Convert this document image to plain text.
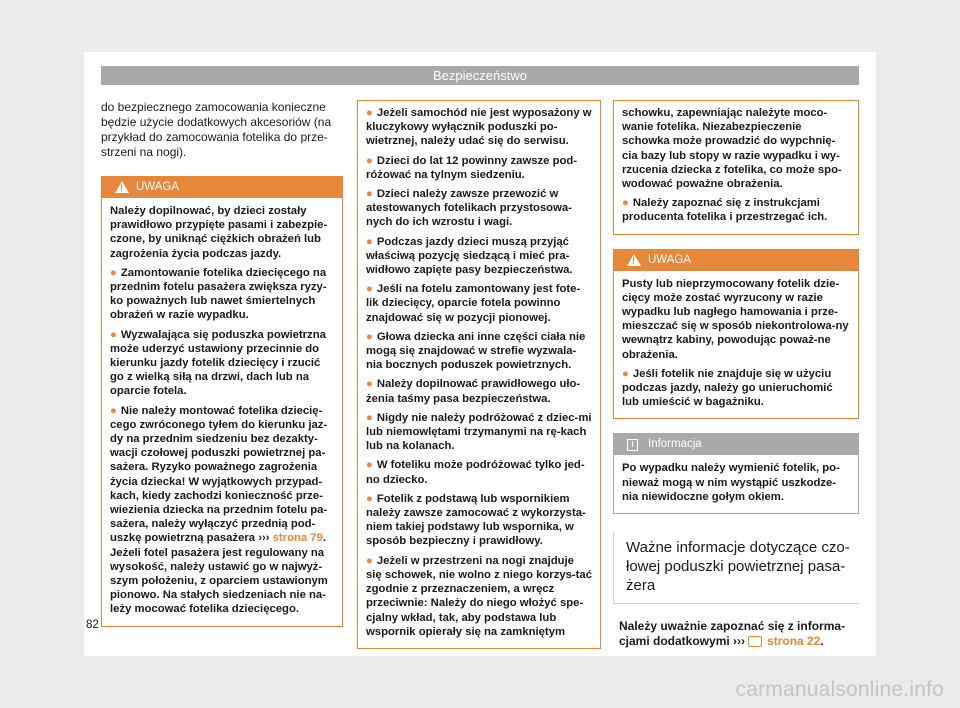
Bezpieczeństwo

do bezpiecznego zamocowania konieczne będzie użycie dodatkowych akcesoriów (na przykład do zamocowania fotelika do prze-strzeni na nogi).

!
UWAGA

Należy dopilnować, by dzieci zostały prawidłowo przypięte pasami i zabezpie-czone, by uniknąć ciężkich obrażeń lub zagrożenia życia podczas jazdy.

● Zamontowanie fotelika dziecięcego na przednim fotelu pasażera zwiększa ryzy-ko poważnych lub nawet śmiertelnych obrażeń w razie wypadku.

● Wyzwalająca się poduszka powietrzna może uderzyć ustawiony przecinnie do kierunku jazdy fotelik dziecięcy i rzucić go z wielką siłą na drzwi, dach lub na oparcie fotela.

● Nie należy montować fotelika dziecię-cego zwróconego tyłem do kierunku jaz-dy na przednim siedzeniu bez dezakty-wacji czołowej poduszki powietrznej pa-sażera. Ryzyko poważnego zagrożenia życia dziecka! W wyjątkowych przypad-kach, kiedy zachodzi konieczność prze-wiezienia dziecka na przednim fotelu pa-sażera, należy wyłączyć przednią pod-uszkę powietrzną pasażera ››› strona 79. Jeżeli fotel pasażera jest regulowany na wysokość, należy ustawić go w najwyż-szym położeniu, z oparciem ustawionym pionowo. Na stałych siedzeniach nie na-leży mocować fotelika dziecięcego.

● Jeżeli samochód nie jest wyposażony w kluczykowy wyłącznik poduszki po-wietrznej, należy udać się do serwisu.

● Dzieci do lat 12 powinny zawsze pod-różować na tylnym siedzeniu.

● Dzieci należy zawsze przewozić w atestowanych fotelikach przystosowa-nych do ich wzrostu i wagi.

● Podczas jazdy dzieci muszą przyjąć właściwą pozycję siedzącą i mieć pra-widłowo zapięte pasy bezpieczeństwa.

● Jeśli na fotelu zamontowany jest fote-lik dziecięcy, oparcie fotela powinno znajdować się w pozycji pionowej.

● Głowa dziecka ani inne części ciała nie mogą się znajdować w strefie wyzwala-nia bocznych poduszek powietrznych.

● Należy dopilnować prawidłowego uło-żenia taśmy pasa bezpieczeństwa.

● Nigdy nie należy podróżować z dziec-mi lub niemowlętami trzymanymi na rę-kach lub na kolanach.

● W foteliku może podróżować tylko jed-no dziecko.

● Fotelik z podstawą lub wspornikiem należy zawsze zamocować z wykorzysta-niem takiej podstawy lub wspornika, w sposób bezpieczny i prawidłowy.

● Jeżeli w przestrzeni na nogi znajduje się schowek, nie wolno z niego korzys-tać zgodnie z przeznaczeniem, a wręcz przeciwnie: Należy do niego włożyć spe-cjalny wkład, tak, aby podstawa lub wspornik opierały się na zamkniętym

schowku, zapewniając należyte moco-wanie fotelika. Niezabezpieczenie schowka może prowadzić do wypchnię-cia bazy lub stopy w razie wypadku i wy-rzucenia dziecka z fotelika, co może spo-wodować poważne obrażenia.

● Należy zapoznać się z instrukcjami producenta fotelika i przestrzegać ich.

!
UWAGA

Pusty lub nieprzymocowany fotelik dzie-cięcy może zostać wyrzucony w razie wypadku lub nagłego hamowania i prze-mieszczać się w sposób niekontrolowa-ny wewnątrz kabiny, powodując poważ-ne obrażenia.

● Jeśli fotelik nie znajduje się w użyciu podczas jazdy, należy go unieruchomić lub umieścić w bagażniku.

i	Informacja

Po wypadku należy wymienić fotelik, po-nieważ mogą w nim wystąpić uszkodze-nia niewidoczne gołym okiem.

Ważne informacje dotyczące czo-łowej poduszki powietrznej pasa-żera

Należy uważnie zapoznać się z informa-cjami dodatkowymi ››› strona 22.

82
carmanualsonline.info
